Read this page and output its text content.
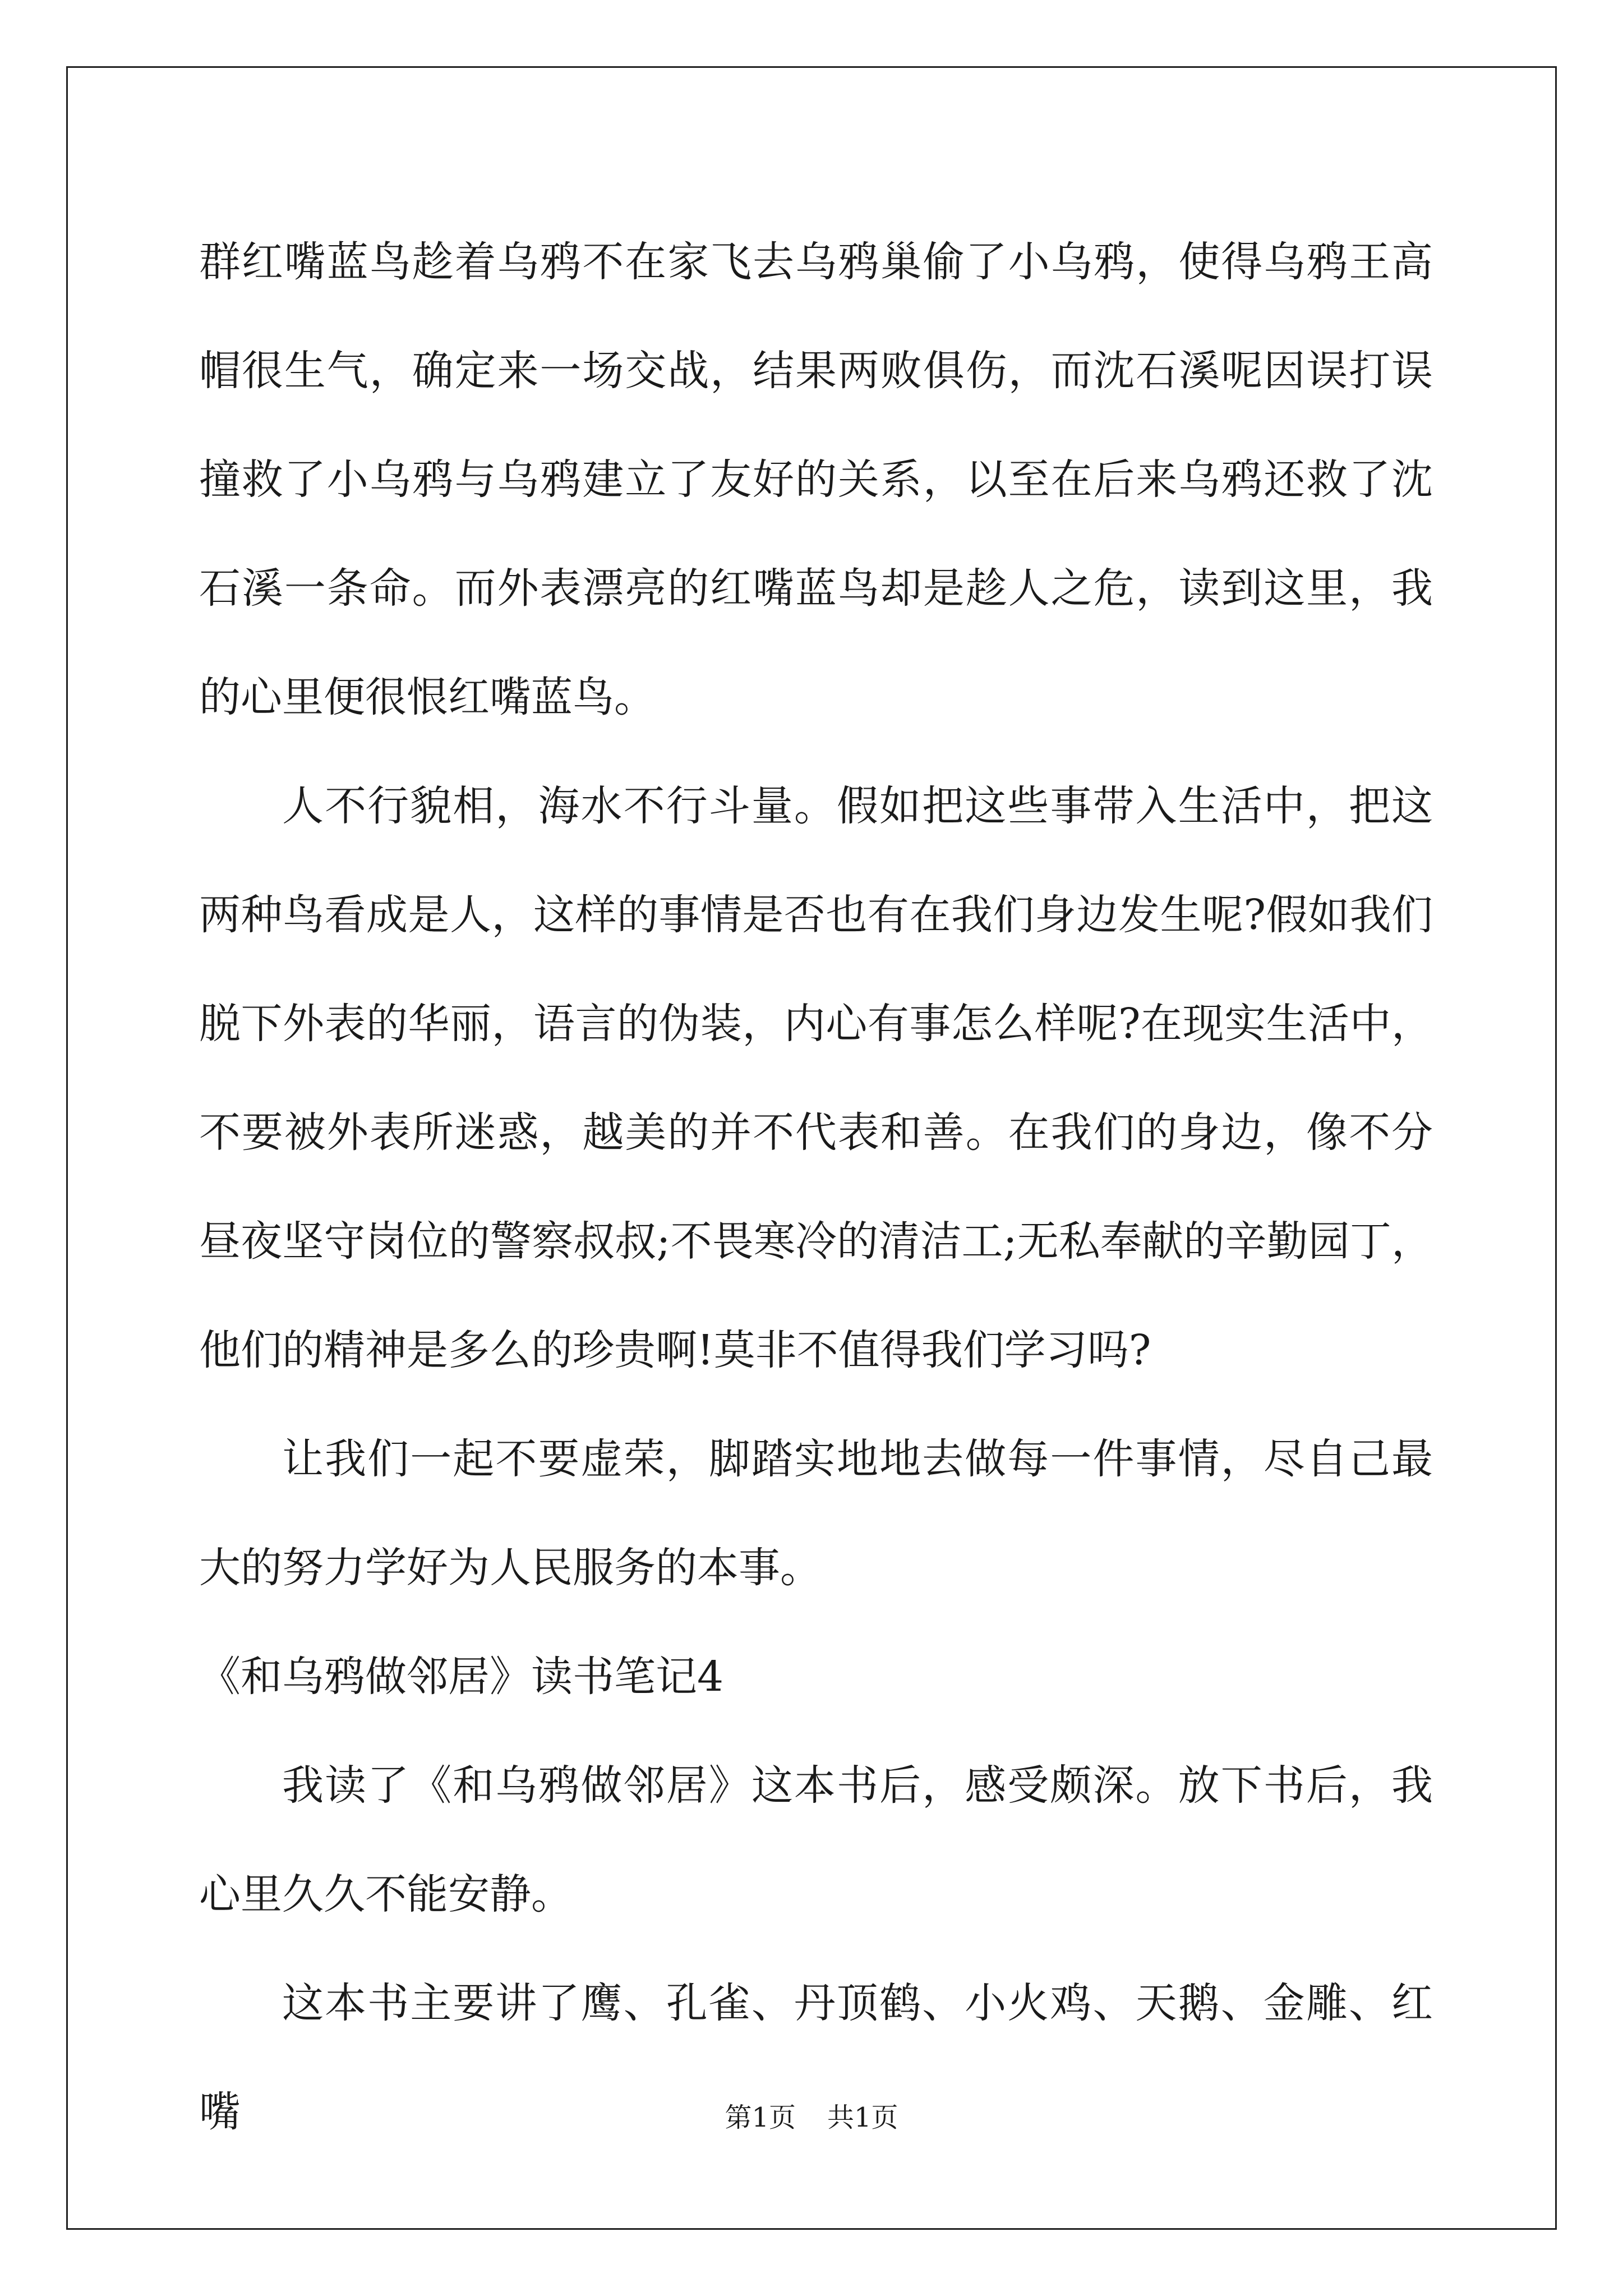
群红嘴蓝鸟趁着乌鸦不在家飞去乌鸦巢偷了小乌鸦，使得乌鸦王高帽很生气，确定来一场交战，结果两败俱伤，而沈石溪呢因误打误撞救了小乌鸦与乌鸦建立了友好的关系，以至在后来乌鸦还救了沈石溪一条命。而外表漂亮的红嘴蓝鸟却是趁人之危，读到这里，我的心里便很恨红嘴蓝鸟。

人不行貌相，海水不行斗量。假如把这些事带入生活中，把这两种鸟看成是人，这样的事情是否也有在我们身边发生呢?假如我们脱下外表的华丽，语言的伪装，内心有事怎么样呢?在现实生活中，不要被外表所迷惑，越美的并不代表和善。在我们的身边，像不分昼夜坚守岗位的警察叔叔;不畏寒冷的清洁工;无私奉献的辛勤园丁，他们的精神是多么的珍贵啊!莫非不值得我们学习吗?

让我们一起不要虚荣，脚踏实地地去做每一件事情，尽自己最大的努力学好为人民服务的本事。

《和乌鸦做邻居》读书笔记4

我读了《和乌鸦做邻居》这本书后，感受颇深。放下书后，我心里久久不能安静。

这本书主要讲了鹰、孔雀、丹顶鹤、小火鸡、天鹅、金雕、红嘴	第1页 共1页
